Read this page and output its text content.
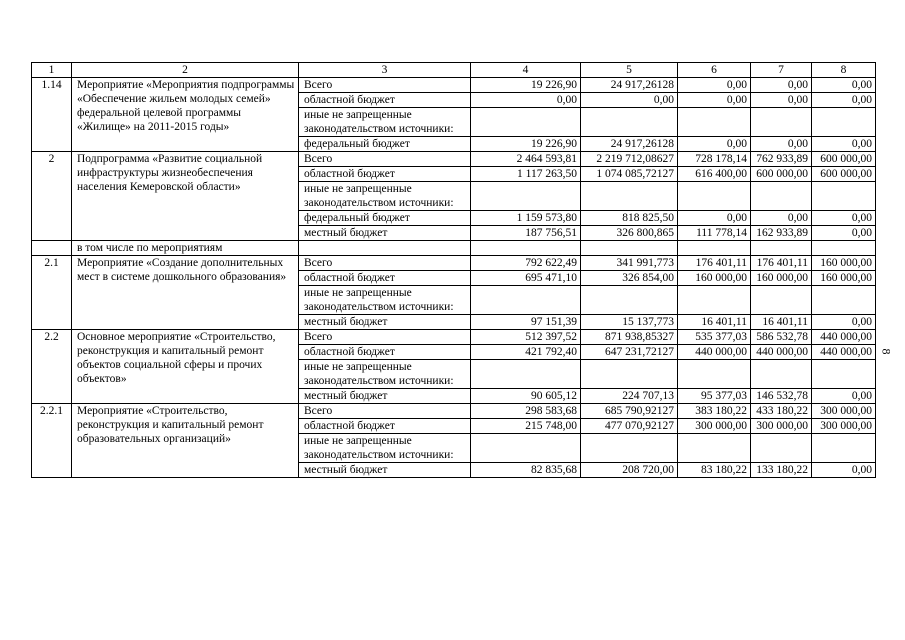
1	2	3	4	5	6	7	8
1.14	Мероприятие «Мероприятия подпрограммы «Обеспечение жильем молодых семей» федеральной целевой программы «Жилище» на 2011-2015 годы»	Всего	19 226,90	24 917,26128	0,00	0,00	0,00
		областной бюджет	0,00	0,00	0,00	0,00	0,00
		иные не запрещенные законодательством источники:					
		федеральный бюджет	19 226,90	24 917,26128	0,00	0,00	0,00
2	Подпрограмма «Развитие социальной инфраструктуры жизнеобеспечения населения Кемеровской области»	Всего	2 464 593,81	2 219 712,08627	728 178,14	762 933,89	600 000,00
		областной бюджет	1 117 263,50	1 074 085,72127	616 400,00	600 000,00	600 000,00
		иные не запрещенные законодательством источники:					
		федеральный бюджет	1 159 573,80	818 825,50	0,00	0,00	0,00
		местный бюджет	187 756,51	326 800,865	111 778,14	162 933,89	0,00
	в том числе по мероприятиям						
2.1	Мероприятие «Создание дополнительных мест в системе дошкольного образования»	Всего	792 622,49	341 991,773	176 401,11	176 401,11	160 000,00
		областной бюджет	695 471,10	326 854,00	160 000,00	160 000,00	160 000,00
		иные не запрещенные законодательством источники:					
		местный бюджет	97 151,39	15 137,773	16 401,11	16 401,11	0,00
2.2	Основное мероприятие «Строительство, реконструкция и капитальный ремонт объектов социальной сферы и прочих объектов»	Всего	512 397,52	871 938,85327	535 377,03	586 532,78	440 000,00
		областной бюджет	421 792,40	647 231,72127	440 000,00	440 000,00	440 000,00
		иные не запрещенные законодательством источники:					
		местный бюджет	90 605,12	224 707,13	95 377,03	146 532,78	0,00
2.2.1	Мероприятие «Строительство, реконструкция и капитальный ремонт образовательных организаций»	Всего	298 583,68	685 790,92127	383 180,22	433 180,22	300 000,00
		областной бюджет	215 748,00	477 070,92127	300 000,00	300 000,00	300 000,00
		иные не запрещенные законодательством источники:					
		местный бюджет	82 835,68	208 720,00	83 180,22	133 180,22	0,00
8
